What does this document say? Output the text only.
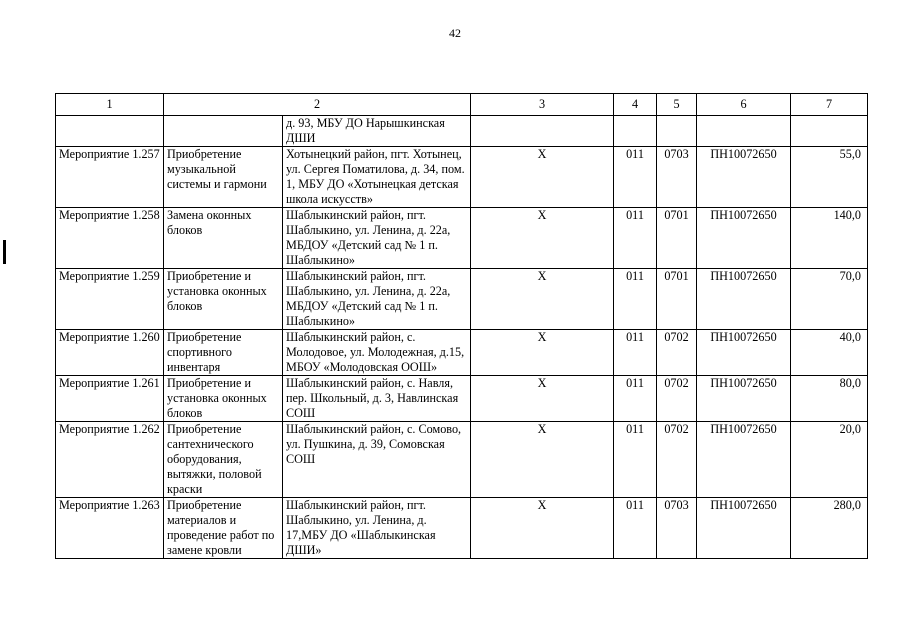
42
1	2		3	4	5	6	7
		д. 93, МБУ ДО Нарышкинская ДШИ					
Мероприятие 1.257	Приобретение музыкальной системы и гармони	Хотынецкий район, пгт. Хотынец, ул. Сергея Поматилова, д. 34, пом. 1, МБУ ДО «Хотынецкая детская школа искусств»	Х	011	0703	ПН10072650	55,0
Мероприятие 1.258	Замена оконных блоков	Шаблыкинский район, пгт. Шаблыкино, ул. Ленина, д. 22а, МБДОУ «Детский сад № 1 п. Шаблыкино»	Х	011	0701	ПН10072650	140,0
Мероприятие 1.259	Приобретение и установка оконных блоков	Шаблыкинский район, пгт. Шаблыкино, ул. Ленина, д. 22а, МБДОУ «Детский сад № 1 п. Шаблыкино»	Х	011	0701	ПН10072650	70,0
Мероприятие 1.260	Приобретение спортивного инвентаря	Шаблыкинский район, с. Молодовое, ул. Молодежная, д.15, МБОУ «Молодовская ООШ»	Х	011	0702	ПН10072650	40,0
Мероприятие 1.261	Приобретение и установка оконных блоков	Шаблыкинский район, с. Навля, пер. Школьный, д. 3, Навлинская СОШ	Х	011	0702	ПН10072650	80,0
Мероприятие 1.262	Приобретение сантехнического оборудования, вытяжки, половой краски	Шаблыкинский район, с. Сомово, ул. Пушкина, д. 39, Сомовская СОШ	Х	011	0702	ПН10072650	20,0
Мероприятие 1.263	Приобретение материалов и проведение работ по замене кровли	Шаблыкинский район, пгт. Шаблыкино, ул. Ленина, д. 17,МБУ ДО «Шаблыкинская ДШИ»	Х	011	0703	ПН10072650	280,0
